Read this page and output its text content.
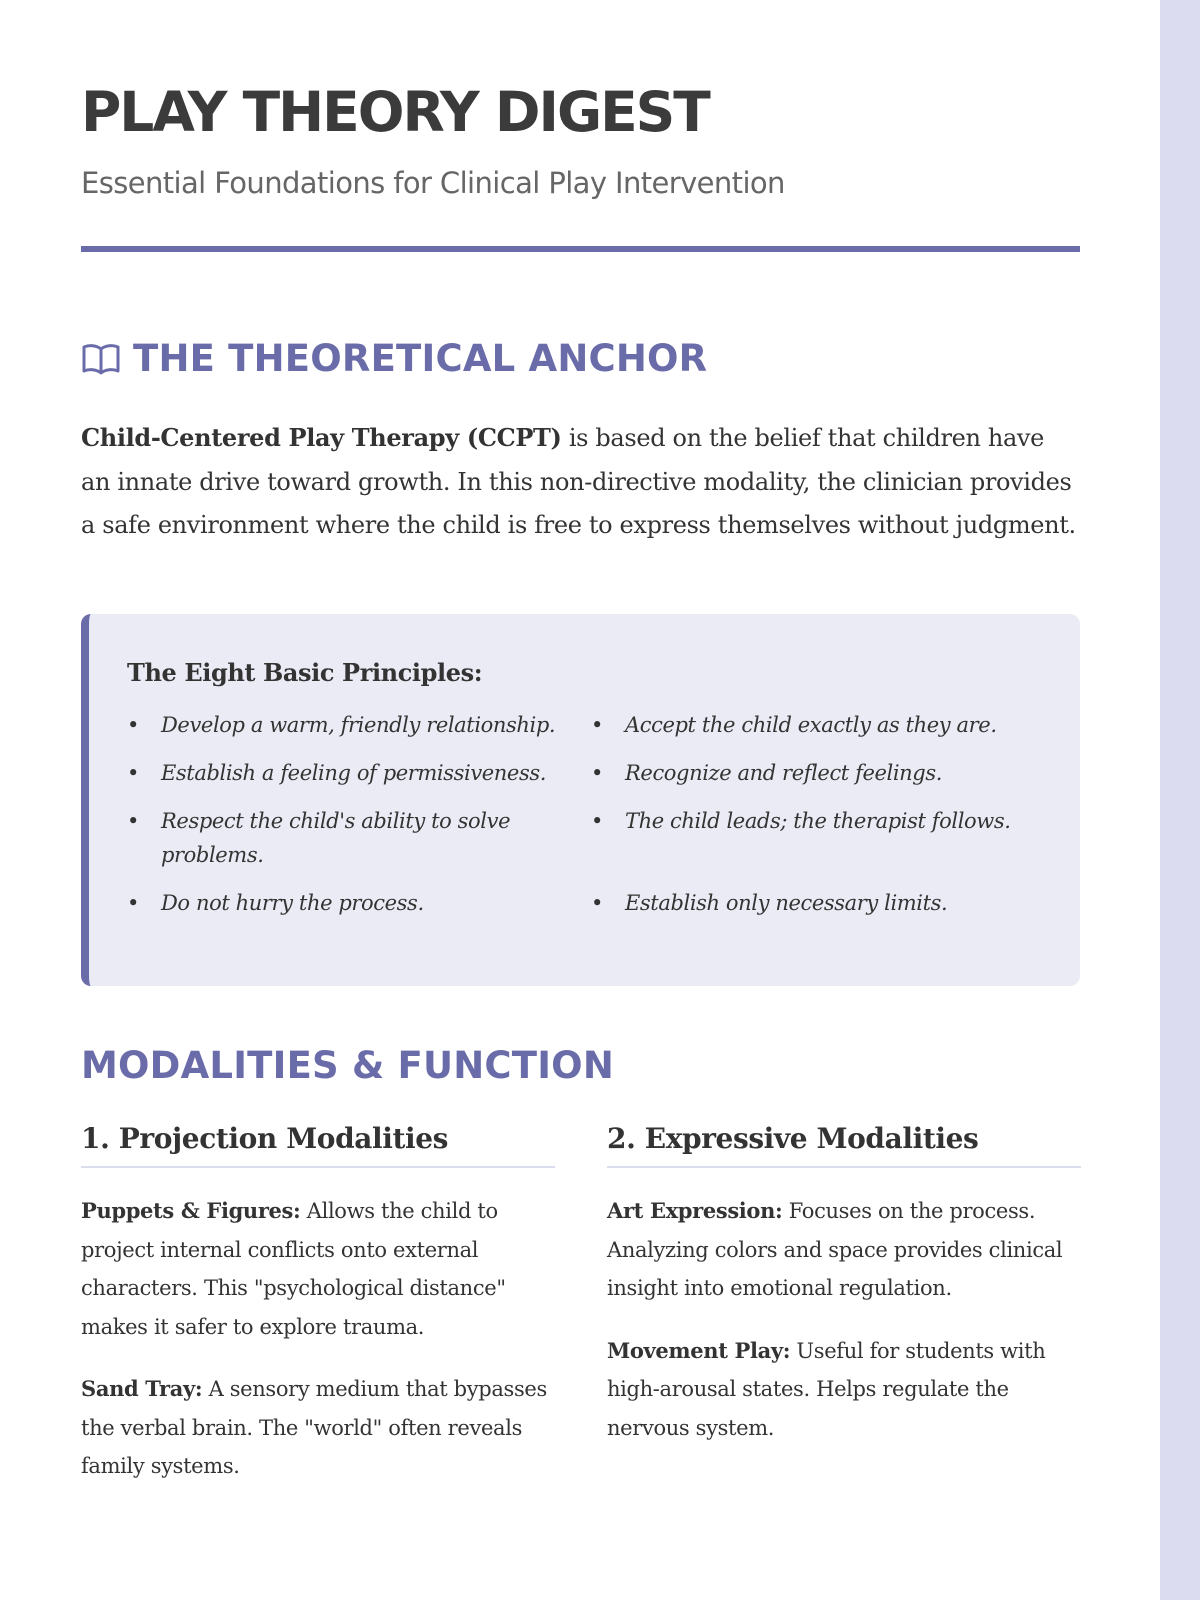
PLAY THEORY DIGEST
Essential Foundations for Clinical Play Intervention
THE THEORETICAL ANCHOR

Child-Centered Play Therapy (CCPT) is based on the belief that children have an innate drive toward growth. In this non-directive modality, the clinician provides a safe environment where the child is free to express themselves without judgment.

The Eight Basic Principles:
• Develop a warm, friendly relationship.	• Accept the child exactly as they are.
• Establish a feeling of permissiveness.	• Recognize and reflect feelings.
• Respect the child's ability to solve problems.
• The child leads; the therapist follows.
• Do not hurry the process.	• Establish only necessary limits.
MODALITIES & FUNCTION
1. Projection Modalities

Puppets & Figures: Allows the child to project internal conflicts onto external characters. This "psychological distance" makes it safer to explore trauma.

Sand Tray: A sensory medium that bypasses the verbal brain. The "world" often reveals family systems.

2. Expressive Modalities

Art Expression: Focuses on the process. Analyzing colors and space provides clinical insight into emotional regulation.

Movement Play: Useful for students with high-arousal states. Helps regulate the nervous system.
